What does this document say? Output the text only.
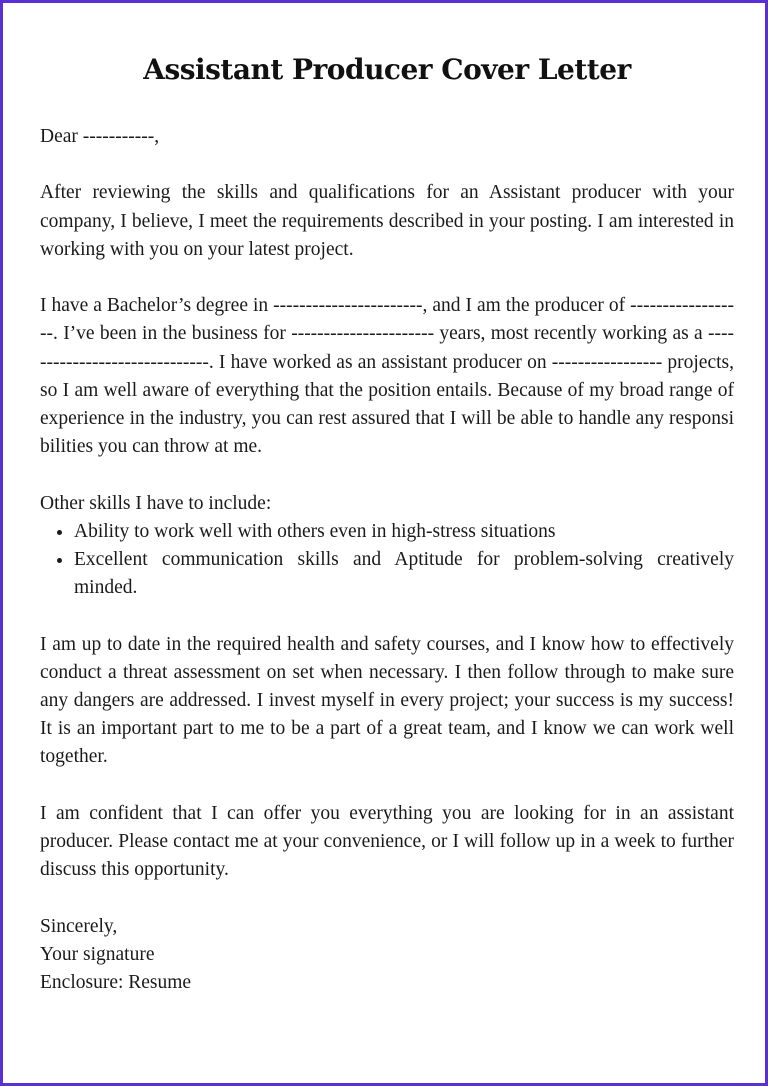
Assistant Producer Cover Letter

Dear -----------,

After reviewing the skills and qualifications for an Assistant producer with your company, I believe, I meet the requirements described in your posting. I am interested in working with you on your latest project.

I have a Bachelor’s degree in -----------------------, and I am the producer of ------------------. I’ve been in the business for ---------------------- years, most recently working as a ------------------------------. I have worked as an assistant producer on ----------------- projects, so I am well aware of everything that the position entails. Because of my broad range of experience in the industry, you can rest assured that I will be able to handle any responsibilities you can throw at me.

Other skills I have to include:

• Ability to work well with others even in high-stress situations
• Excellent communication skills and Aptitude for problem-solving creatively minded.

I am up to date in the required health and safety courses, and I know how to effectively conduct a threat assessment on set when necessary. I then follow through to make sure any dangers are addressed. I invest myself in every project; your success is my success! It is an important part to me to be a part of a great team, and I know we can work well together.

I am confident that I can offer you everything you are looking for in an assistant producer. Please contact me at your convenience, or I will follow up in a week to further discuss this opportunity.

Sincerely,

Your signature

Enclosure: Resume
